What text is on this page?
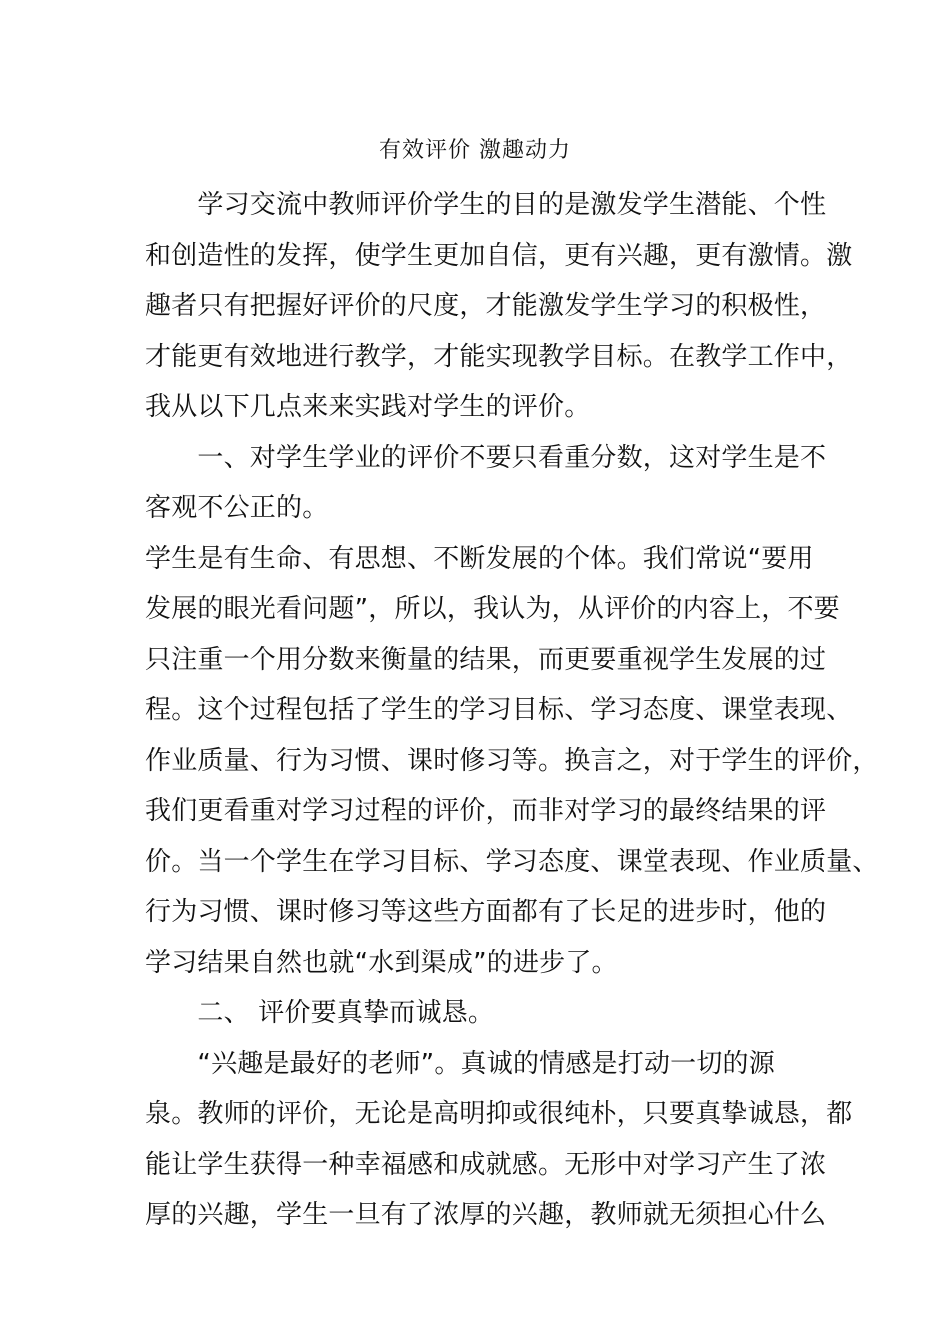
有效评价 激趣动力
　　学习交流中教师评价学生的目的是激发学生潜能、个性
和创造性的发挥，使学生更加自信，更有兴趣，更有激情。激
趣者只有把握好评价的尺度，才能激发学生学习的积极性，
才能更有效地进行教学，才能实现教学目标。在教学工作中，
我从以下几点来来实践对学生的评价。
　　一、对学生学业的评价不要只看重分数，这对学生是不
客观不公正的。
学生是有生命、有思想、不断发展的个体。我们常说“要用
发展的眼光看问题”，所以，我认为，从评价的内容上，不要
只注重一个用分数来衡量的结果，而更要重视学生发展的过
程。这个过程包括了学生的学习目标、学习态度、课堂表现、
作业质量、行为习惯、课时修习等。换言之，对于学生的评价，
我们更看重对学习过程的评价，而非对学习的最终结果的评
价。当一个学生在学习目标、学习态度、课堂表现、作业质量、
行为习惯、课时修习等这些方面都有了长足的进步时，他的
学习结果自然也就“水到渠成”的进步了。
　　二、 评价要真挚而诚恳。
　　“兴趣是最好的老师”。真诚的情感是打动一切的源
泉。教师的评价，无论是高明抑或很纯朴，只要真挚诚恳，都
能让学生获得一种幸福感和成就感。无形中对学习产生了浓
厚的兴趣，学生一旦有了浓厚的兴趣，教师就无须担心什么
